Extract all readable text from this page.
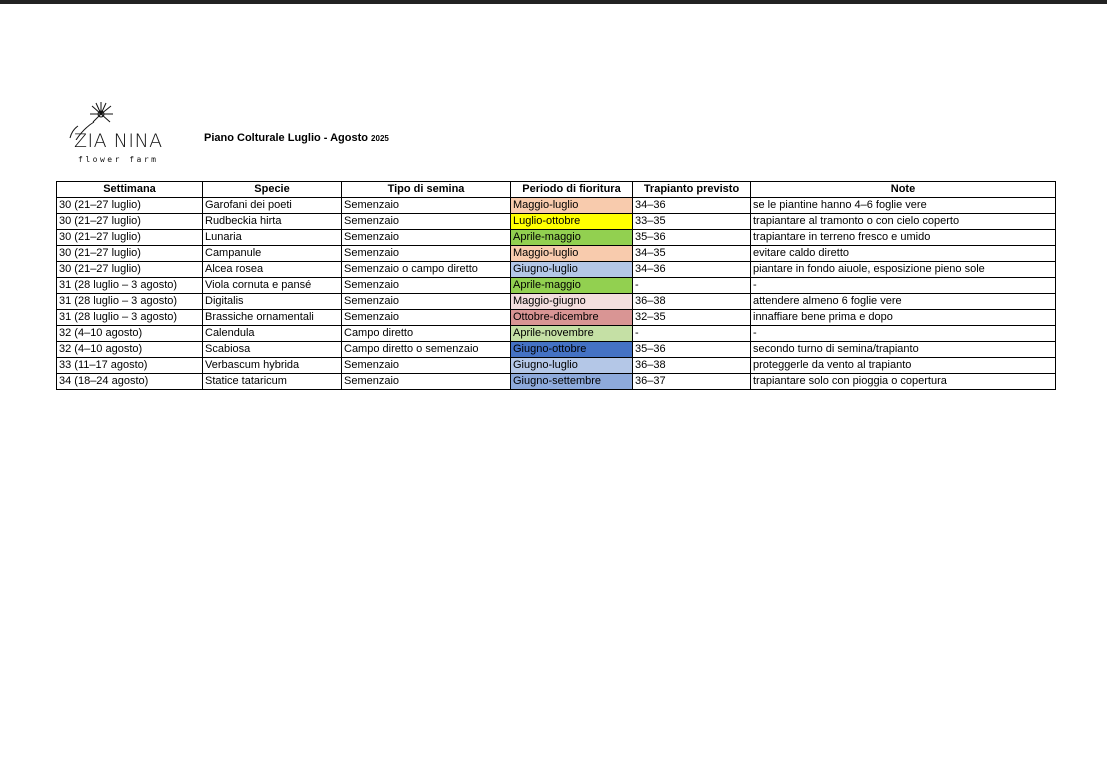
ZIA NINA
flower farm
Piano Colturale Luglio - Agosto 2025
Settimana	Specie	Tipo di semina	Periodo di fioritura	Trapianto previsto	Note
30 (21–27 luglio)	Garofani dei poeti	Semenzaio	Maggio-luglio	34–36	se le piantine hanno 4–6 foglie vere
30 (21–27 luglio)	Rudbeckia hirta	Semenzaio	Luglio-ottobre	33–35	trapiantare al tramonto o con cielo coperto
30 (21–27 luglio)	Lunaria	Semenzaio	Aprile-maggio	35–36	trapiantare in terreno fresco e umido
30 (21–27 luglio)	Campanule	Semenzaio	Maggio-luglio	34–35	evitare caldo diretto
30 (21–27 luglio)	Alcea rosea	Semenzaio o campo diretto	Giugno-luglio	34–36	piantare in fondo aiuole, esposizione pieno sole
31 (28 luglio – 3 agosto)	Viola cornuta e pansé	Semenzaio	Aprile-maggio	-	-
31 (28 luglio – 3 agosto)	Digitalis	Semenzaio	Maggio-giugno	36–38	attendere almeno 6 foglie vere
31 (28 luglio – 3 agosto)	Brassiche ornamentali	Semenzaio	Ottobre-dicembre	32–35	innaffiare bene prima e dopo
32 (4–10 agosto)	Calendula	Campo diretto	Aprile-novembre	-	-
32 (4–10 agosto)	Scabiosa	Campo diretto o semenzaio	Giugno-ottobre	35–36	secondo turno di semina/trapianto
33 (11–17 agosto)	Verbascum hybrida	Semenzaio	Giugno-luglio	36–38	proteggerle da vento al trapianto
34 (18–24 agosto)	Statice tataricum	Semenzaio	Giugno-settembre	36–37	trapiantare solo con pioggia o copertura
